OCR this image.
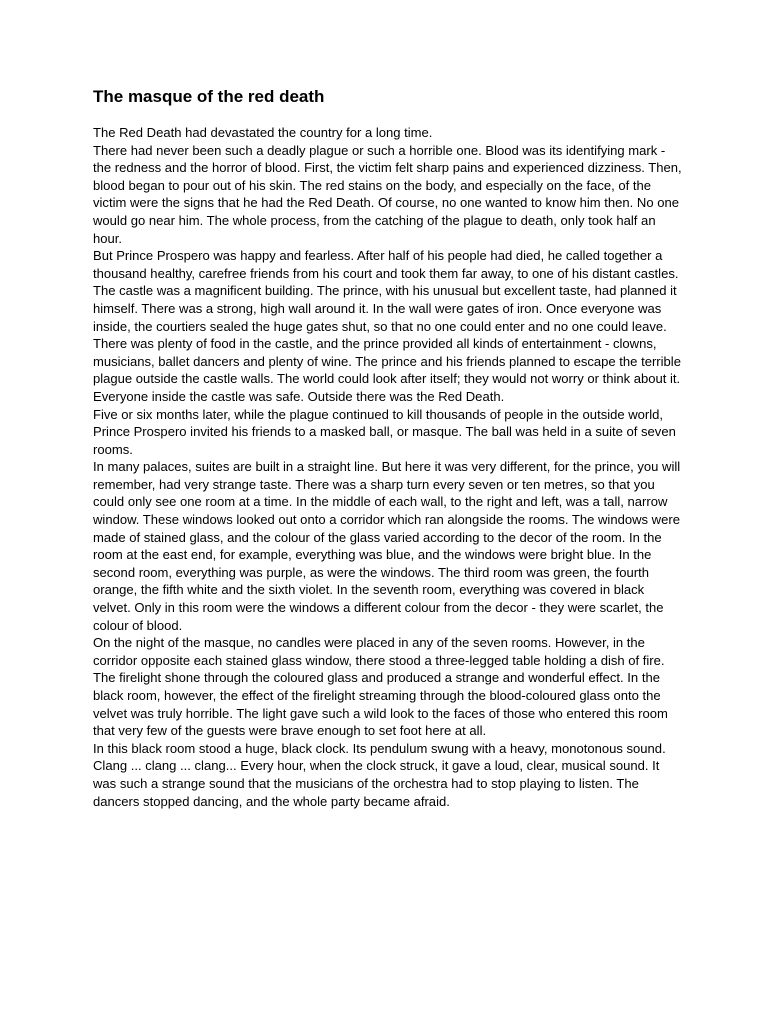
The masque of the red death

The Red Death had devastated the country for a long time.

There had never been such a deadly plague or such a horrible one. Blood was its identifying mark - the redness and the horror of blood. First, the victim felt sharp pains and experienced dizziness. Then, blood began to pour out of his skin. The red stains on the body, and especially on the face, of the victim were the signs that he had the Red Death. Of course, no one wanted to know him then. No one would go near him. The whole process, from the catching of the plague to death, only took half an hour.

But Prince Prospero was happy and fearless. After half of his people had died, he called together a thousand healthy, carefree friends from his court and took them far away, to one of his distant castles.

The castle was a magnificent building. The prince, with his unusual but excellent taste, had planned it himself. There was a strong, high wall around it. In the wall were gates of iron. Once everyone was inside, the courtiers sealed the huge gates shut, so that no one could enter and no one could leave.

There was plenty of food in the castle, and the prince provided all kinds of entertainment - clowns, musicians, ballet dancers and plenty of wine. The prince and his friends planned to escape the terrible plague outside the castle walls. The world could look after itself; they would not worry or think about it. Everyone inside the castle was safe. Outside there was the Red Death.

Five or six months later, while the plague continued to kill thousands of people in the outside world, Prince Prospero invited his friends to a masked ball, or masque. The ball was held in a suite of seven rooms.

In many palaces, suites are built in a straight line. But here it was very different, for the prince, you will remember, had very strange taste. There was a sharp turn every seven or ten metres, so that you could only see one room at a time. In the middle of each wall, to the right and left, was a tall, narrow window. These windows looked out onto a corridor which ran alongside the rooms. The windows were made of stained glass, and the colour of the glass varied according to the decor of the room. In the room at the east end, for example, everything was blue, and the windows were bright blue. In the second room, everything was purple, as were the windows. The third room was green, the fourth orange, the fifth white and the sixth violet. In the seventh room, everything was covered in black velvet. Only in this room were the windows a different colour from the decor - they were scarlet, the colour of blood.

On the night of the masque, no candles were placed in any of the seven rooms. However, in the corridor opposite each stained glass window, there stood a three-legged table holding a dish of fire. The firelight shone through the coloured glass and produced a strange and wonderful effect. In the black room, however, the effect of the firelight streaming through the blood-coloured glass onto the velvet was truly horrible. The light gave such a wild look to the faces of those who entered this room that very few of the guests were brave enough to set foot here at all.

In this black room stood a huge, black clock. Its pendulum swung with a heavy, monotonous sound. Clang ... clang ... clang... Every hour, when the clock struck, it gave a loud, clear, musical sound. It was such a strange sound that the musicians of the orchestra had to stop playing to listen. The dancers stopped dancing, and the whole party became afraid.
